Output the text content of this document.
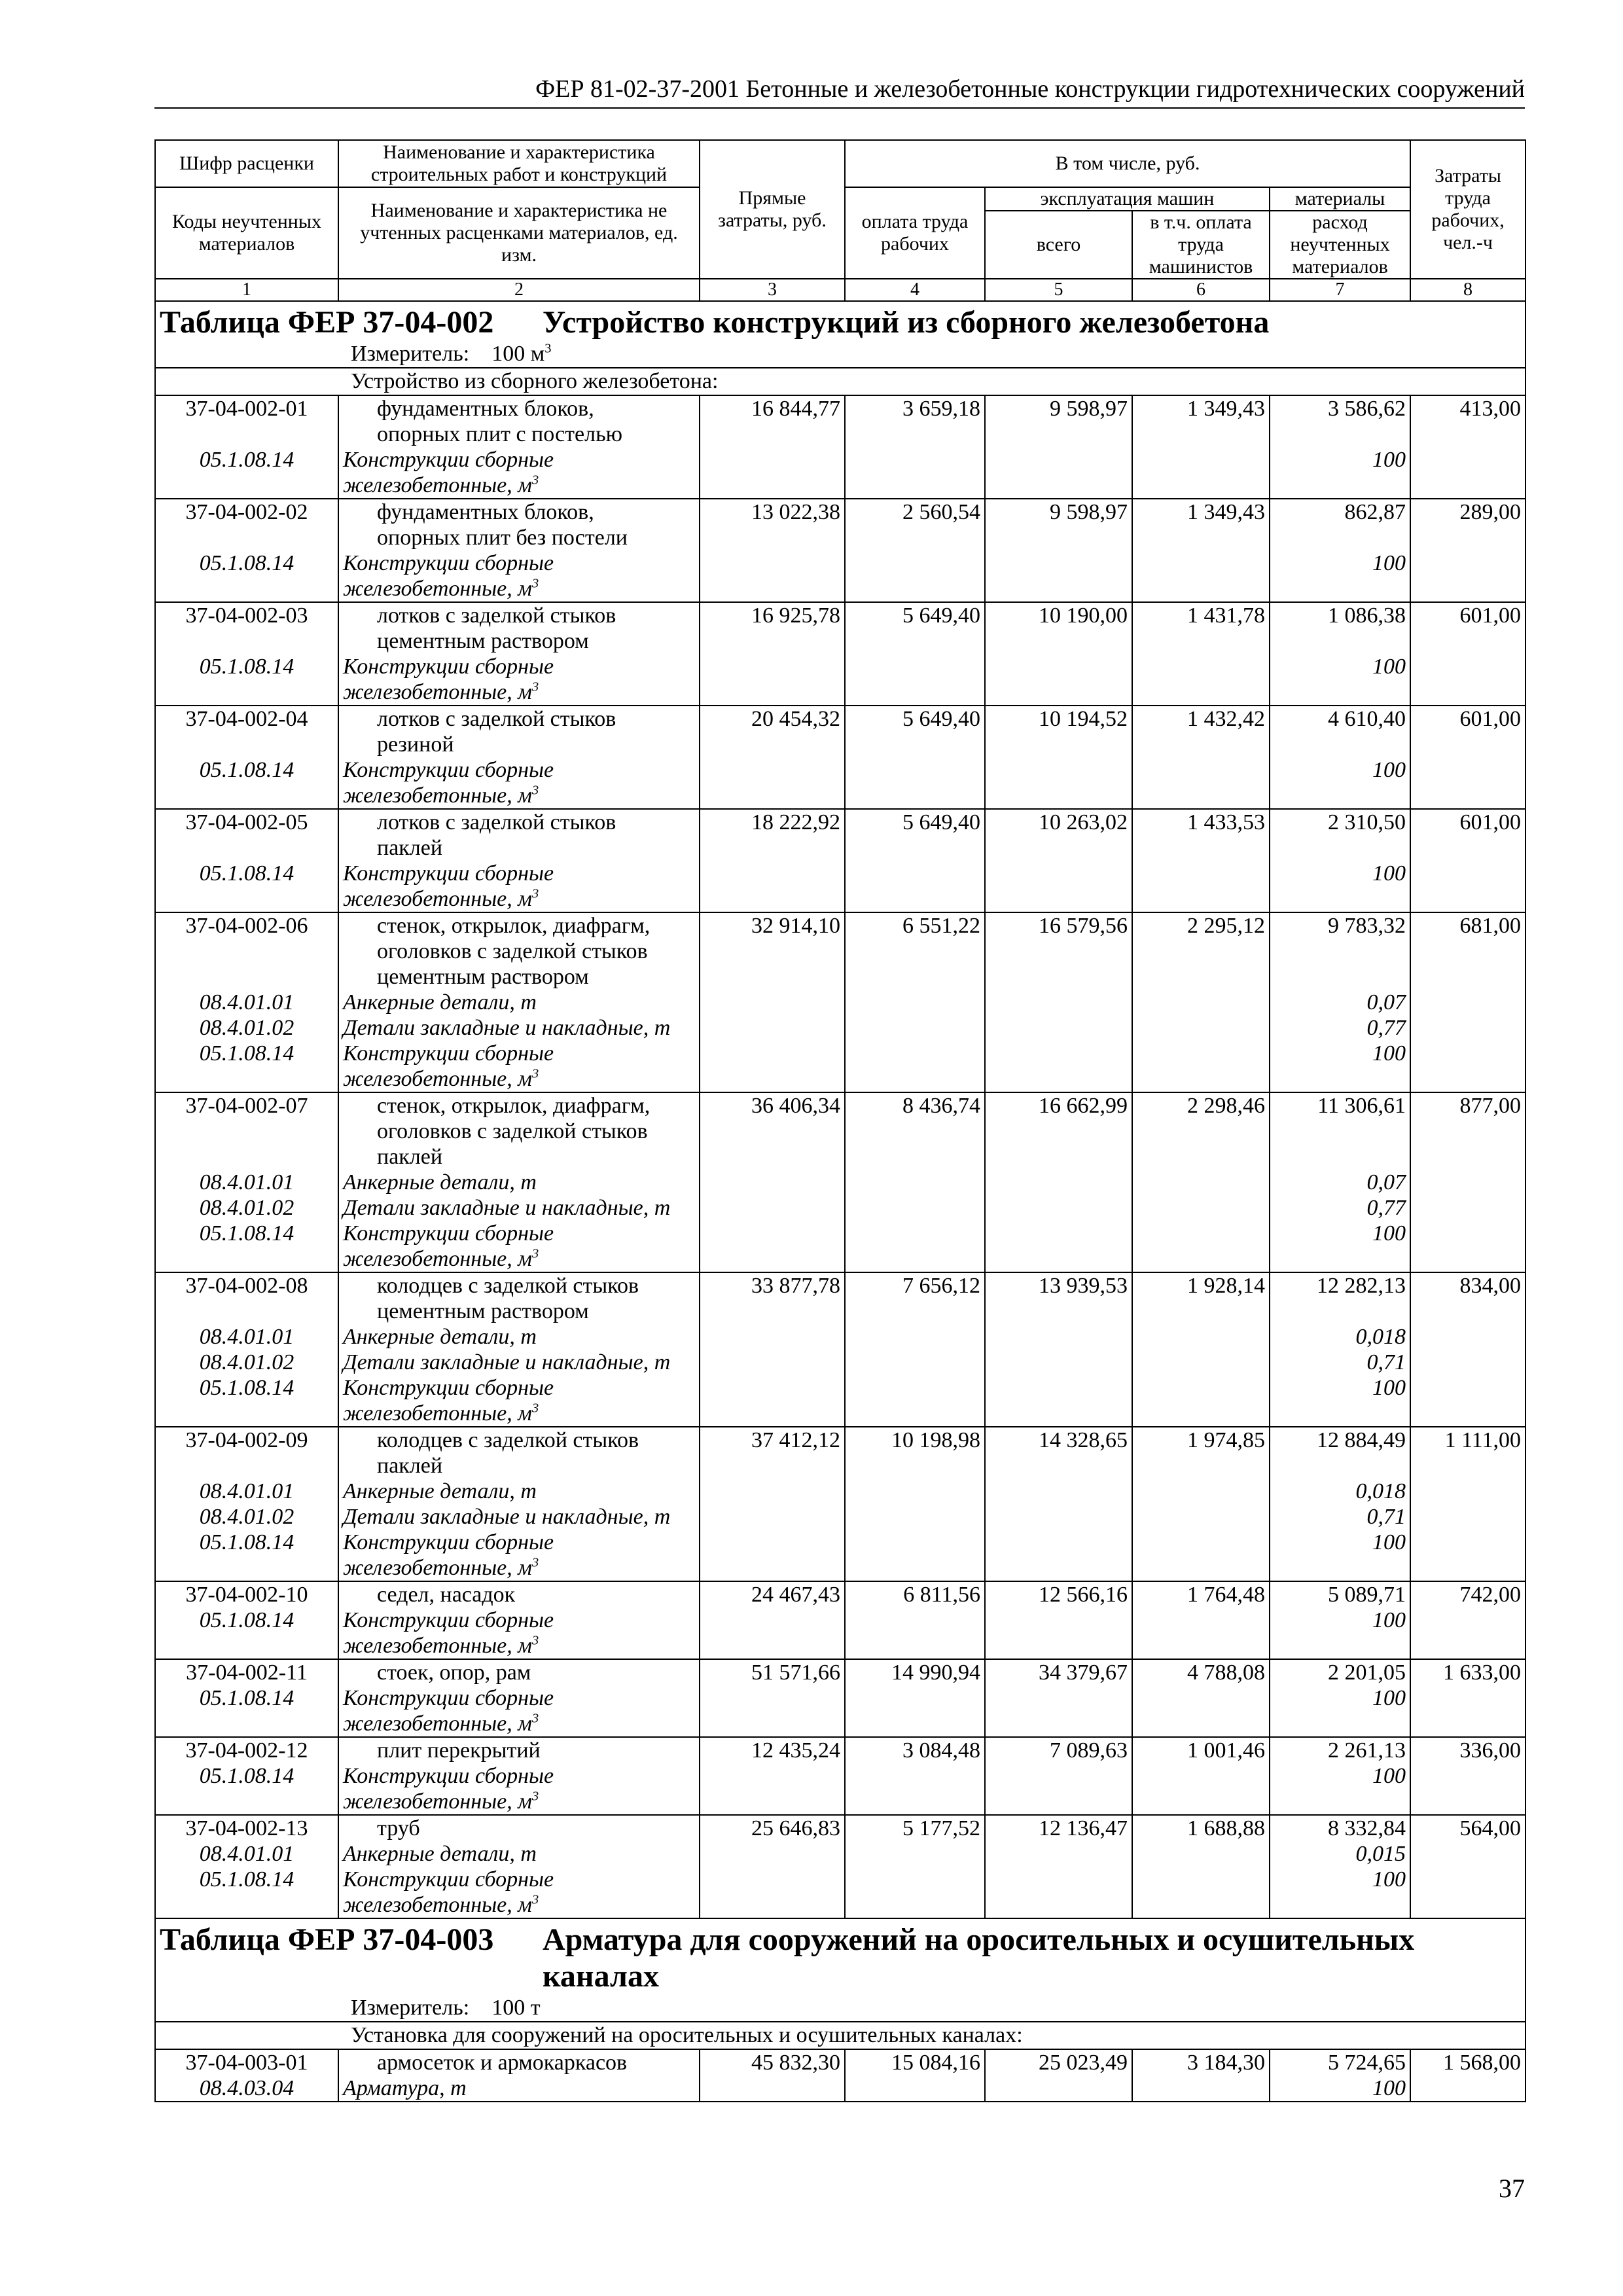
ФЕР 81-02-37-2001 Бетонные и железобетонные конструкции гидротехнических сооружений
Шифр расценки	Наименование и характеристика строительных работ и конструкций	Прямые затраты, руб.	В том числе, руб.				Затраты труда рабочих, чел.-ч
Коды неучтенных материалов	Наименование и характеристика не учтенных расценками материалов, ед. изм.		оплата труда рабочих	эксплуатация машин		материалы	
				всего	в т.ч. оплата труда машинистов	расход неучтенных материалов	
1	2	3	4	5	6	7	8
Таблица ФЕР 37-04-002 Устройство конструкций из сборного железобетона							
Измеритель: 100 $м^3$
Устройство из сборного железобетона:							
37-04-002-01	фундаментных блоков,	16 844,77	3 659,18	9 598,97	1 349,43	3 586,62	413,00
	опорных плит с постелью						
05.1.08.14	Конструкции сборные					100	
	железобетонные, $м^3$						
37-04-002-02	фундаментных блоков,	13 022,38	2 560,54	9 598,97	1 349,43	862,87	289,00
	опорных плит без постели						
05.1.08.14	Конструкции сборные					100	
	железобетонные, $м^3$						
37-04-002-03	лотков с заделкой стыков	16 925,78	5 649,40	10 190,00	1 431,78	1 086,38	601,00
	цементным раствором						
05.1.08.14	Конструкции сборные					100	
	железобетонные, $м^3$						
37-04-002-04	лотков с заделкой стыков	20 454,32	5 649,40	10 194,52	1 432,42	4 610,40	601,00
	резиной						
05.1.08.14	Конструкции сборные					100	
	железобетонные, $м^3$						
37-04-002-05	лотков с заделкой стыков	18 222,92	5 649,40	10 263,02	1 433,53	2 310,50	601,00
	паклей						
05.1.08.14	Конструкции сборные					100	
	железобетонные, $м^3$						
37-04-002-06	стенок, открылок, диафрагм,	32 914,10	6 551,22	16 579,56	2 295,12	9 783,32	681,00
	оголовков с заделкой стыков						
	цементным раствором						
08.4.01.01	Анкерные детали, т					0,07	
08.4.01.02	Детали закладные и накладные, т					0,77	
05.1.08.14	Конструкции сборные					100	
	железобетонные, $м^3$						
37-04-002-07	стенок, открылок, диафрагм,	36 406,34	8 436,74	16 662,99	2 298,46	11 306,61	877,00
	оголовков с заделкой стыков						
	паклей						
08.4.01.01	Анкерные детали, т					0,07	
08.4.01.02	Детали закладные и накладные, т					0,77	
05.1.08.14	Конструкции сборные					100	
	железобетонные, $м^3$						
37-04-002-08	колодцев с заделкой стыков	33 877,78	7 656,12	13 939,53	1 928,14	12 282,13	834,00
	цементным раствором						
08.4.01.01	Анкерные детали, т					0,018	
08.4.01.02	Детали закладные и накладные, т					0,71	
05.1.08.14	Конструкции сборные					100	
	железобетонные, $м^3$						
37-04-002-09	колодцев с заделкой стыков	37 412,12	10 198,98	14 328,65	1 974,85	12 884,49	1 111,00
	паклей						
08.4.01.01	Анкерные детали, т					0,018	
08.4.01.02	Детали закладные и накладные, т					0,71	
05.1.08.14	Конструкции сборные					100	
	железобетонные, $м^3$						
37-04-002-10	седел, насадок	24 467,43	6 811,56	12 566,16	1 764,48	5 089,71	742,00
05.1.08.14	Конструкции сборные					100	
	железобетонные, $м^3$						
37-04-002-11	стоек, опор, рам	51 571,66	14 990,94	34 379,67	4 788,08	2 201,05	1 633,00
05.1.08.14	Конструкции сборные					100	
	железобетонные, $м^3$						
37-04-002-12	плит перекрытий	12 435,24	3 084,48	7 089,63	1 001,46	2 261,13	336,00
05.1.08.14	Конструкции сборные					100	
	железобетонные, $м^3$						
37-04-002-13	труб	25 646,83	5 177,52	12 136,47	1 688,88	8 332,84	564,00
08.4.01.01	Анкерные детали, т					0,015	
05.1.08.14	Конструкции сборные					100	
	железобетонные, $м^3$						
Таблица ФЕР 37-04-003 Арматура для сооружений на оросительных и осушительных каналах							
Измеритель: 100 т							
Установка для сооружений на оросительных и осушительных каналах:							
37-04-003-01	армосеток и армокаркасов	45 832,30	15 084,16	25 023,49	3 184,30	5 724,65	1 568,00
08.4.03.04	Арматура, т					100	
37
